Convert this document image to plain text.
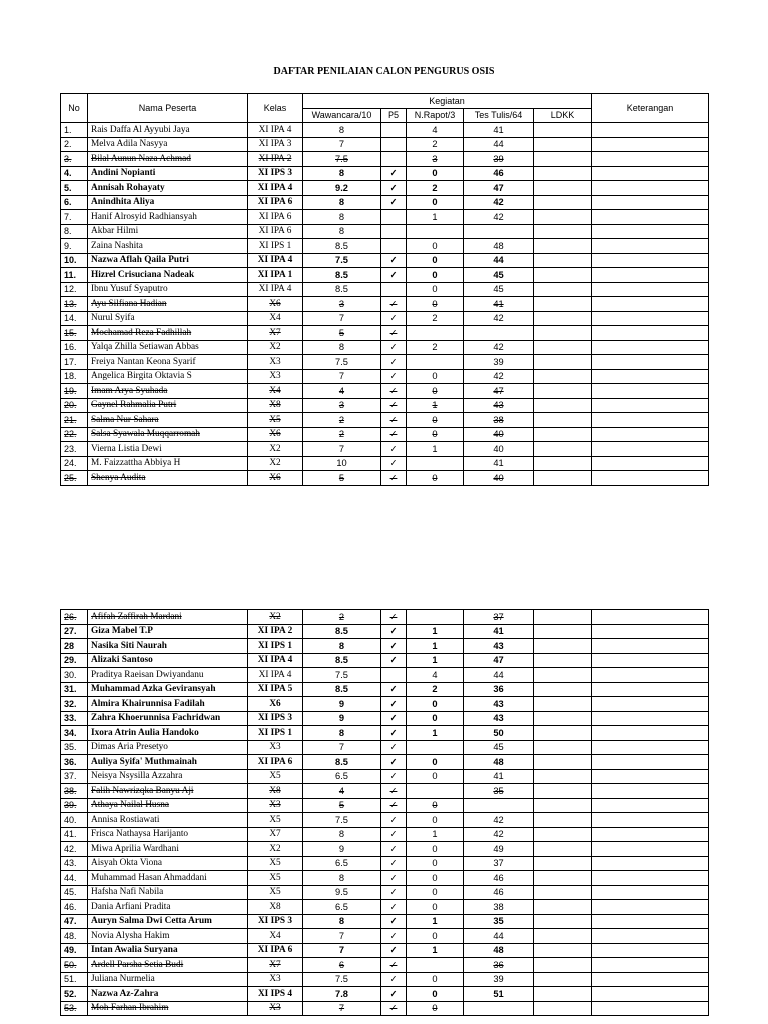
DAFTAR PENILAIAN CALON PENGURUS OSIS
No	Nama Peserta	Kelas	Kegiatan					Keterangan
			Wawancara/10	P5	N.Rapot/3	Tes Tulis/64	LDKK	
1.	Rais Daffa Al Ayyubi Jaya	XI IPA 4	8		4	41		
2.	Melva Adila Nasyya	XI IPA 3	7		2	44		
3.	Bilal Aunun Naza Achmad	XI IPA 2	7.5		3	39		
4.	Andini Nopianti	XI IPS 3	8	✓	0	46		
5.	Annisah Rohayaty	XI IPA 4	9.2	✓	2	47		
6.	Anindhita Aliya	XI IPA 6	8	✓	0	42		
7.	Hanif Alrosyid Radhiansyah	XI IPA 6	8		1	42		
8.	Akbar Hilmi	XI IPA 6	8					
9.	Zaina Nashita	XI IPS 1	8.5		0	48		
10.	Nazwa Aflah Qaila Putri	XI IPA 4	7.5	✓	0	44		
11.	Hizrel Crisuciana Nadeak	XI IPA 1	8.5	✓	0	45		
12.	Ibnu Yusuf Syaputro	XI IPA 4	8.5		0	45		
13.	Ayu Silfiana Hadian	X6	3	✓	0	41		
14.	Nurul Syifa	X4	7	✓	2	42		
15.	Mochamad Reza Fadhillah	X7	5	✓				
16.	Yalqa Zhilla Setiawan Abbas	X2	8	✓	2	42		
17.	Freiya Nantan Keona Syarif	X3	7.5	✓		39		
18.	Angelica Birgita Oktavia S	X3	7	✓	0	42		
19.	Imam Arya Syuhada	X4	4	✓	0	47		
20.	Gaynel Rahmalia Putri	X8	3	✓	1	43		
21.	Salma Nur Sahara	X5	2	✓	0	38		
22.	Salsa Syawala Muqqarromah	X6	2	✓	0	40		
23.	Vierna Listia Dewi	X2	7	✓	1	40		
24.	M. Faizzattha Abbiya H	X2	10	✓		41		
25.	Shenya Audita	X6	5	✓	0	40		
26.	Afifah Zaffirah Mardani	X2	2	✓		37		
27.	Giza Mabel T.P	XI IPA 2	8.5	✓	1	41		
28	Nasika Siti Naurah	XI IPS 1	8	✓	1	43		
29.	Alizaki Santoso	XI IPA 4	8.5	✓	1	47		
30.	Praditya Raeisan Dwiyandanu	XI IPA 4	7.5		4	44		
31.	Muhammad Azka Geviransyah	XI IPA 5	8.5	✓	2	36		
32.	Almira Khairunnisa Fadilah	X6	9	✓	0	43		
33.	Zahra Khoerunnisa Fachridwan	XI IPS 3	9	✓	0	43		
34.	Ixora Atrin Aulia Handoko	XI IPS 1	8	✓	1	50		
35.	Dimas Aria Presetyo	X3	7	✓		45		
36.	Auliya Syifa' Muthmainah	XI IPA 6	8.5	✓	0	48		
37.	Neisya Nsysilla Azzahra	X5	6.5	✓	0	41		
38.	Falih Nawrizqka Banyu Aji	X8	4	✓		35		
39.	Athaya Nailal Husna	X3	5	✓	0			
40.	Annisa Rostiawati	X5	7.5	✓	0	42		
41.	Frisca Nathaysa Harijanto	X7	8	✓	1	42		
42.	Miwa Aprilia Wardhani	X2	9	✓	0	49		
43.	Aisyah Okta Viona	X5	6.5	✓	0	37		
44.	Muhammad Hasan Ahmaddani	X5	8	✓	0	46		
45.	Hafsha Nafi Nabila	X5	9.5	✓	0	46		
46.	Dania Arfiani Pradita	X8	6.5	✓	0	38		
47.	Auryn Salma Dwi Cetta Arum	XI IPS 3	8	✓	1	35		
48.	Novia Alysha Hakim	X4	7	✓	0	44		
49.	Intan Awalia Suryana	XI IPA 6	7	✓	1	48		
50.	Ardell Parsha Setia Budi	X7	6	✓		36		
51.	Juliana Nurmelia	X3	7.5	✓	0	39		
52.	Nazwa Az-Zahra	XI IPS 4	7.8	✓	0	51		
53.	Moh Farhan Ibrahim	X3	7	✓	0			
